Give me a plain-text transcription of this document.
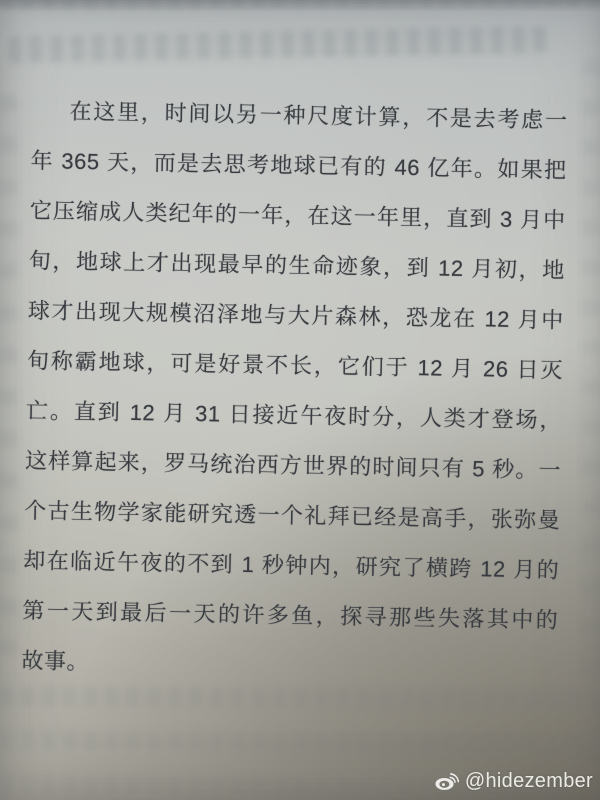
在这里，时间以另一种尺度计算，不是去考虑一
年 365 天，而是去思考地球已有的 46 亿年。如果把
它压缩成人类纪年的一年，在这一年里，直到 3 月中
旬，地球上才出现最早的生命迹象，到 12 月初，地
球才出现大规模沼泽地与大片森林，恐龙在 12 月中
旬称霸地球，可是好景不长，它们于 12 月 26 日灭
亡。直到 12 月 31 日接近午夜时分，人类才登场，
这样算起来，罗马统治西方世界的时间只有 5 秒。一
个古生物学家能研究透一个礼拜已经是高手，张弥曼
却在临近午夜的不到 1 秒钟内，研究了横跨 12 月的
第一天到最后一天的许多鱼，探寻那些失落其中的
故事。
@hidezember
